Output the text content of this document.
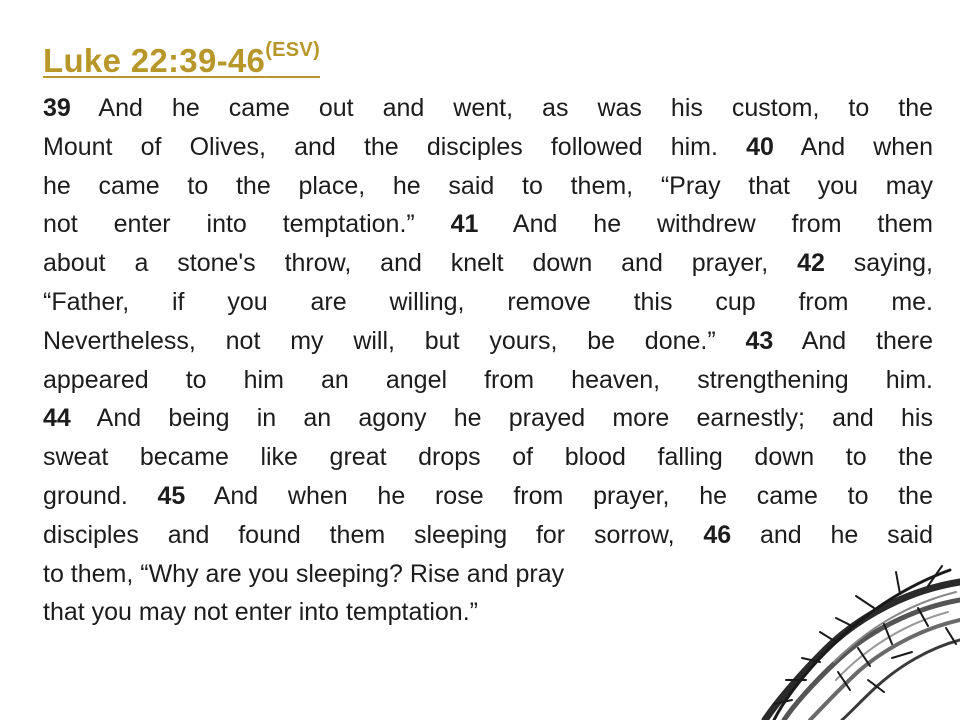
Luke $22:39-46^{(ESV)}$
39 And he came out and went, as was his custom, to the
Mount of Olives, and the disciples followed him. 40 And when
he came to the place, he said to them, “Pray that you may
not enter into temptation.” 41 And he withdrew from them
about a stone's throw, and knelt down and prayer, 42 saying,
“Father, if you are willing, remove this cup from me.
Nevertheless, not my will, but yours, be done.” 43 And there
appeared to him an angel from heaven, strengthening him.
44 And being in an agony he prayed more earnestly; and his
sweat became like great drops of blood falling down to the
ground. 45 And when he rose from prayer, he came to the
disciples and found them sleeping for sorrow, 46 and he said
to them, “Why are you sleeping? Rise and pray
that you may not enter into temptation.”
